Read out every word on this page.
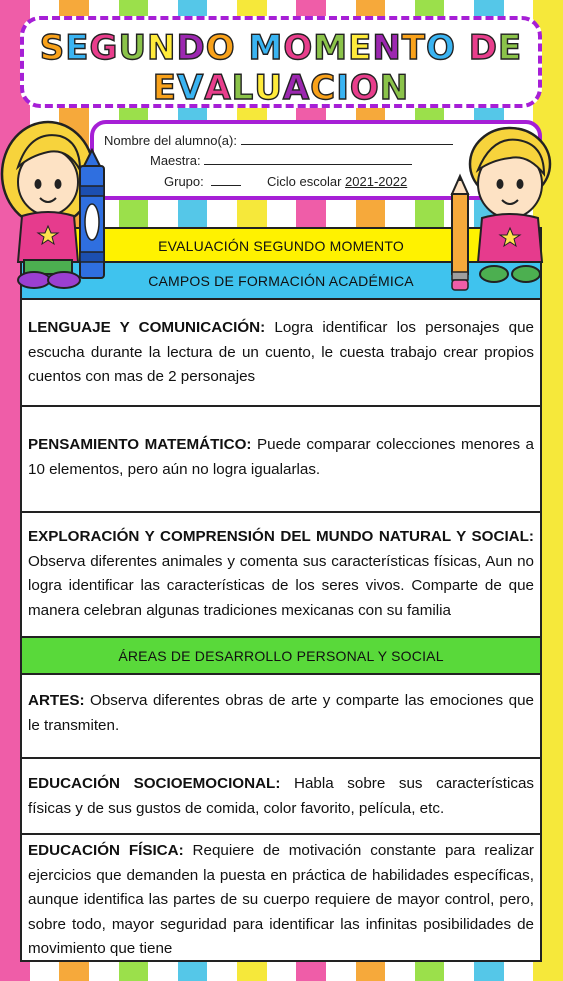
SEGUNDO MOMENTO DE
EVALUACION
Nombre del alumno(a):
Maestra:
Grupo:	Ciclo escolar 2021-2022
EVALUACIÓN SEGUNDO MOMENTO
CAMPOS DE FORMACIÓN ACADÉMICA
LENGUAJE Y COMUNICACIÓN: Logra identificar los personajes que escucha durante la lectura de un cuento, le cuesta trabajo crear propios cuentos con mas de 2 personajes
PENSAMIENTO MATEMÁTICO: Puede comparar colecciones menores a 10 elementos, pero aún no logra igualarlas.
EXPLORACIÓN Y COMPRENSIÓN DEL MUNDO NATURAL Y SOCIAL: Observa diferentes animales y comenta sus características físicas, Aun no logra identificar las características de los seres vivos. Comparte de que manera celebran algunas tradiciones mexicanas con su familia
ÁREAS DE DESARROLLO PERSONAL Y SOCIAL
ARTES: Observa diferentes obras de arte y comparte las emociones que le transmiten.
EDUCACIÓN SOCIOEMOCIONAL: Habla sobre sus características físicas y de sus gustos de comida, color favorito, película, etc.
EDUCACIÓN FÍSICA: Requiere de motivación constante para realizar ejercicios que demanden la puesta en práctica de habilidades específicas, aunque identifica las partes de su cuerpo requiere de mayor control, pero, sobre todo, mayor seguridad para identificar las infinitas posibilidades de movimiento que tiene
